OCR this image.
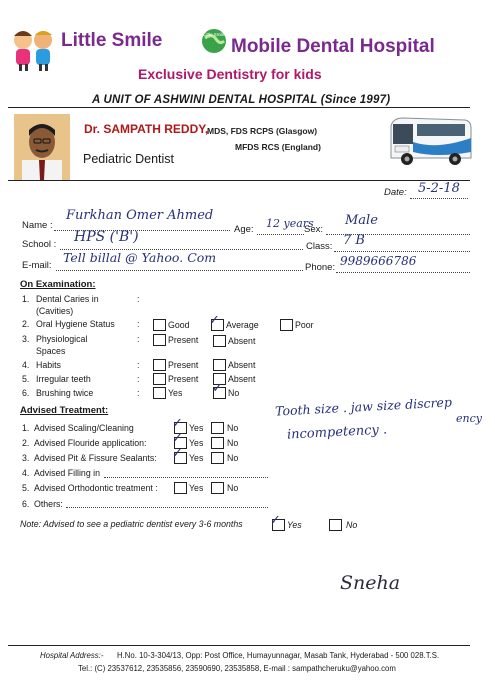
Little Smile	Little Smile
Mobile Dental Hospital
Exclusive Dentistry for kids
A UNIT OF ASHWINI DENTAL HOSPITAL (Since 1997)
Dr. SAMPATH REDDY,
MDS, FDS RCPS (Glasgow)
MFDS RCS (England)
Pediatric Dentist
Date: 5-2-18
Name :
Furkhan Omer Ahmed
Age: 12 years
Sex:
Male
School : HPS ('B')
Class: 7 B
E-mail:
Tell billal @ Yahoo. Com
Phone: 9989666786
On Examination:
1. Dental Caries in
(Cavities)
:
2. Oral Hygiene Status	:	Good ✓ Average	Poor
3. Physiological
Spaces
:	Present	Absent
4. Habits	:	Present	Absent
5. Irregular teeth	:	Present	Absent
6. Brushing twice	:	Yes ✓ No
Advised Treatment:
1. Advised Scaling/Cleaning	✓ Yes	No
2. Advised Flouride application: ✓ Yes	No
3. Advised Pit & Fissure Sealants: ✓ Yes	No
4. Advised Filling in
5. Advised Orthodontic treatment :	Yes	No
6. Others:
Tooth size . jaw size discrep ency
incompetency .
Note: Advised to see a pediatric dentist every 3-6 months ✓ Yes	No
Sneha
Hospital Address:- H.No. 10-3-304/13, Opp: Post Office, Humayunnagar, Masab Tank, Hyderabad - 500 028.T.S.
Tel.: (C) 23537612, 23535856, 23590690, 23535858, E-mail : sampathcheruku@yahoo.com
